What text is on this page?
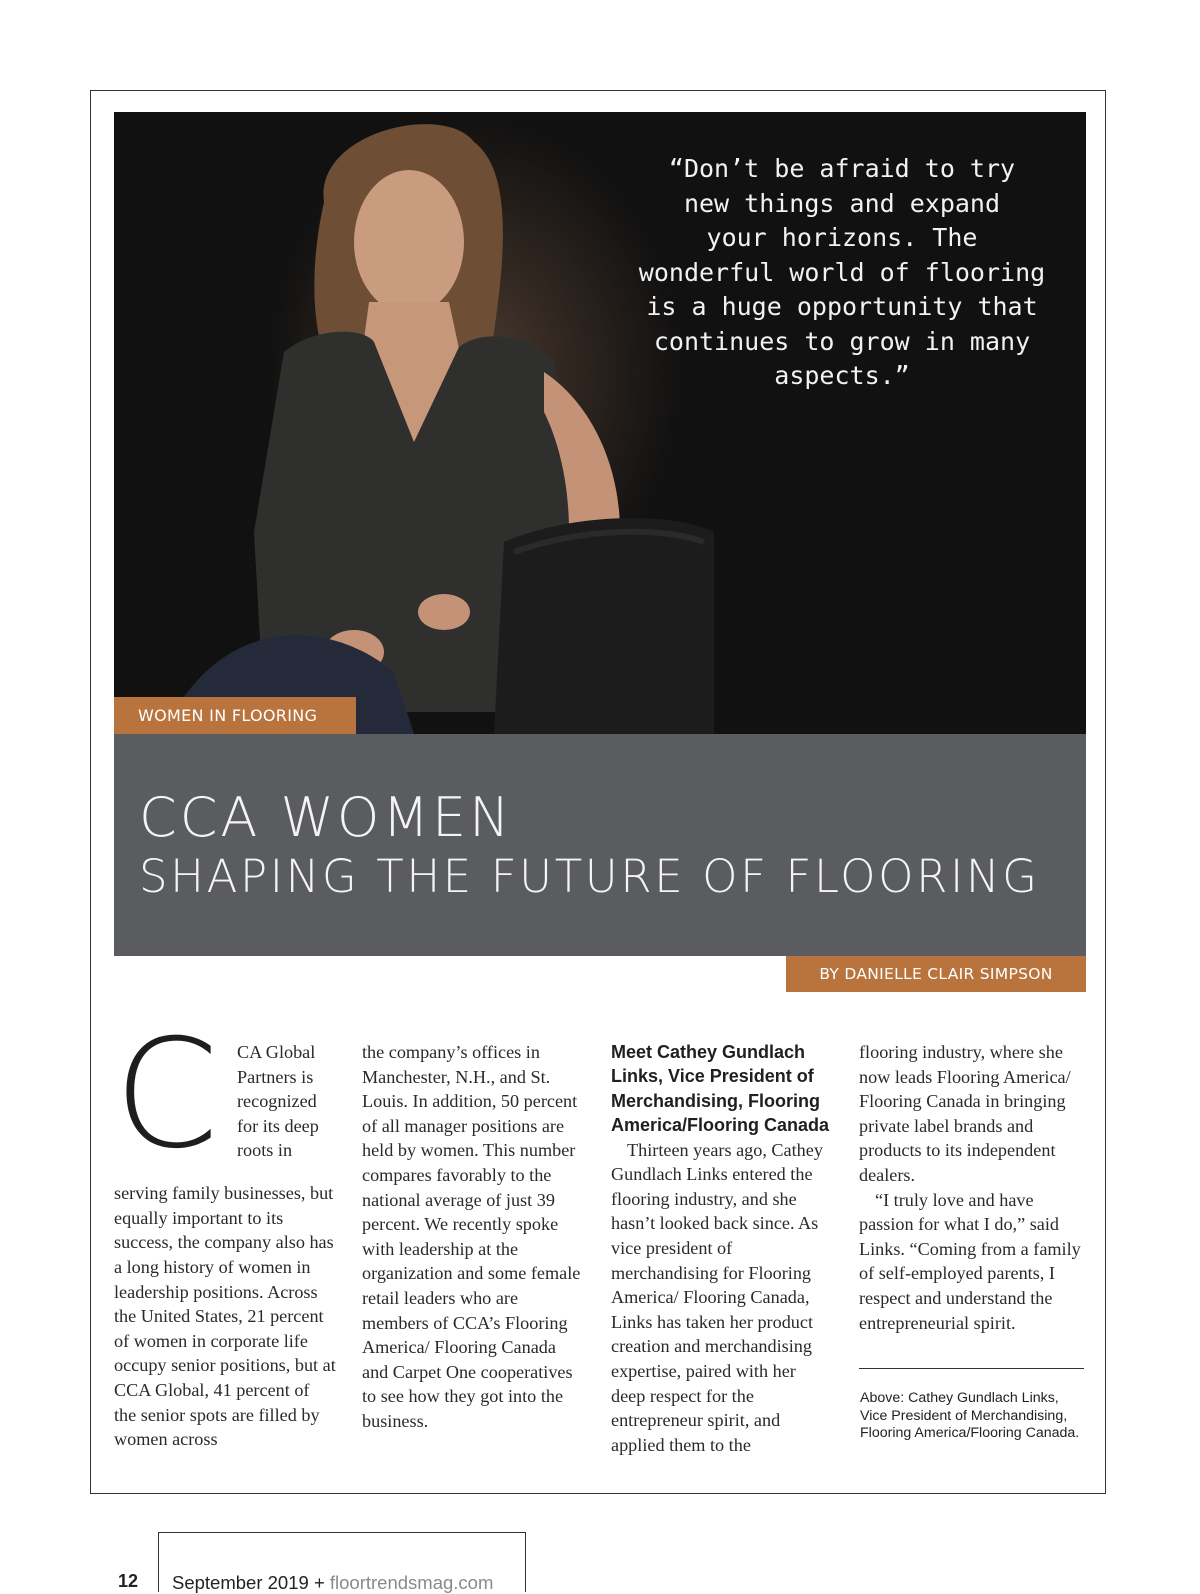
“Don’t be afraid to try
new things and expand
your horizons. The
wonderful world of flooring
is a huge opportunity that
continues to grow in many
aspects.”
WOMEN IN FLOORING
CCA WOMEN
SHAPING THE FUTURE OF FLOORING
BY DANIELLE CLAIR SIMPSON
C CA Global
Partners is
recognized
for its deep
roots in

serving family businesses, but equally important to its success, the company also has a long history of women in leadership positions. Across the United States, 21 percent of women in corporate life occupy senior positions, but at CCA Global, 41 percent of the senior spots are filled by women across

the company’s offices in Manchester, N.H., and St. Louis. In addition, 50 percent of all manager positions are held by women. This number compares favorably to the national average of just 39 percent. We recently spoke with leadership at the organization and some female retail leaders who are members of CCA’s Flooring America/ Flooring Canada and Carpet One cooperatives to see how they got into the business.

Meet Cathey Gundlach Links, Vice President of Merchandising, Flooring America/Flooring Canada

Thirteen years ago, Cathey Gundlach Links entered the flooring industry, and she hasn’t looked back since. As vice president of merchandising for Flooring America/ Flooring Canada, Links has taken her product creation and merchandising expertise, paired with her deep respect for the entrepreneur spirit, and applied them to the

flooring industry, where she now leads Flooring America/ Flooring Canada in bringing private label brands and products to its independent dealers.

“I truly love and have passion for what I do,” said Links. “Coming from a family of self-employed parents, I respect and understand the entrepreneurial spirit.

Above: Cathey Gundlach Links, Vice President of Merchandising, Flooring America/Flooring Canada.
12 September 2019 + floortrendsmag.com
